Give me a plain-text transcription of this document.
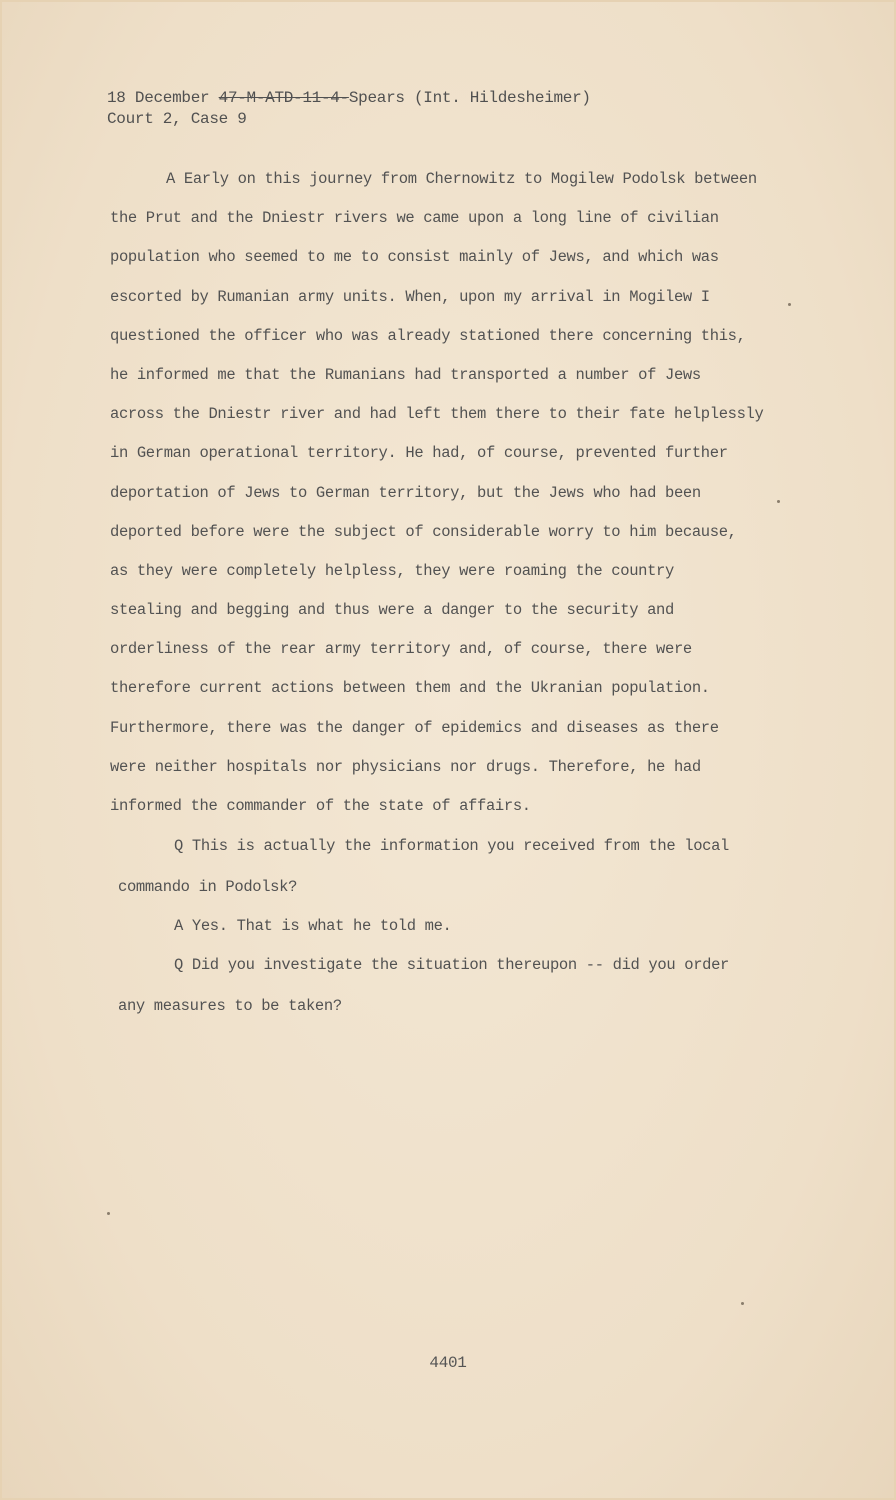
18 December 47-M-ATD-11-4-Spears (Int. Hildesheimer)
Court 2, Case 9
A Early on this journey from Chernowitz to Mogilew Podolsk between
the Prut and the Dniestr rivers we came upon a long line of civilian
population who seemed to me to consist mainly of Jews, and which was
escorted by Rumanian army units. When, upon my arrival in Mogilew I
questioned the officer who was already stationed there concerning this,
he informed me that the Rumanians had transported a number of Jews
across the Dniestr river and had left them there to their fate helplessly
in German operational territory. He had, of course, prevented further
deportation of Jews to German territory, but the Jews who had been
deported before were the subject of considerable worry to him because,
as they were completely helpless, they were roaming the country
stealing and begging and thus were a danger to the security and
orderliness of the rear army territory and, of course, there were
therefore current actions between them and the Ukranian population.
Furthermore, there was the danger of epidemics and diseases as there
were neither hospitals nor physicians nor drugs. Therefore, he had
informed the commander of the state of affairs.
Q This is actually the information you received from the local
commando in Podolsk?
A Yes. That is what he told me.
Q Did you investigate the situation thereupon -- did you order
any measures to be taken?
4401
